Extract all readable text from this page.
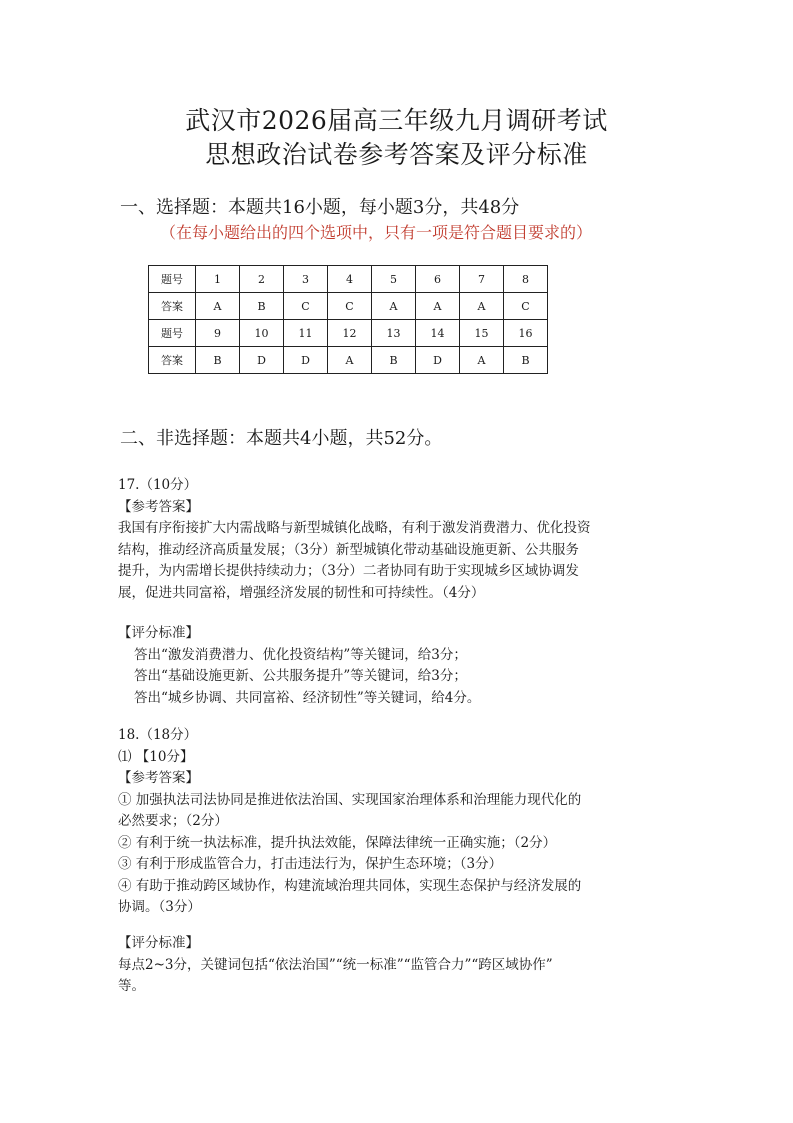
武汉市2026届高三年级九月调研考试
思想政治试卷参考答案及评分标准
一、选择题：本题共16小题，每小题3分，共48分
（在每小题给出的四个选项中，只有一项是符合题目要求的）
题号	1	2	3	4	5	6	7	8
答案	A	B	C	C	A	A	A	C
题号	9	10	11	12	13	14	15	16
答案	B	D	D	A	B	D	A	B
二、非选择题：本题共4小题，共52分。

17.（10分）

【参考答案】

我国有序衔接扩大内需战略与新型城镇化战略，有利于激发消费潜力、优化投资

结构，推动经济高质量发展；（3分）新型城镇化带动基础设施更新、公共服务

提升，为内需增长提供持续动力；（3分）二者协同有助于实现城乡区域协调发

展，促进共同富裕，增强经济发展的韧性和可持续性。（4分）

【评分标准】

答出“激发消费潜力、优化投资结构”等关键词，给3分；

答出“基础设施更新、公共服务提升”等关键词，给3分；

答出“城乡协调、共同富裕、经济韧性”等关键词，给4分。

18.（18分）

⑴ 【10分】

【参考答案】

① 加强执法司法协同是推进依法治国、实现国家治理体系和治理能力现代化的

必然要求；（2分）

② 有利于统一执法标准，提升执法效能，保障法律统一正确实施；（2分）

③ 有利于形成监管合力，打击违法行为，保护生态环境；（3分）

④ 有助于推动跨区域协作，构建流域治理共同体，实现生态保护与经济发展的

协调。（3分）

【评分标准】

每点2~3分，关键词包括“依法治国”“统一标准”“监管合力”“跨区域协作”

等。
